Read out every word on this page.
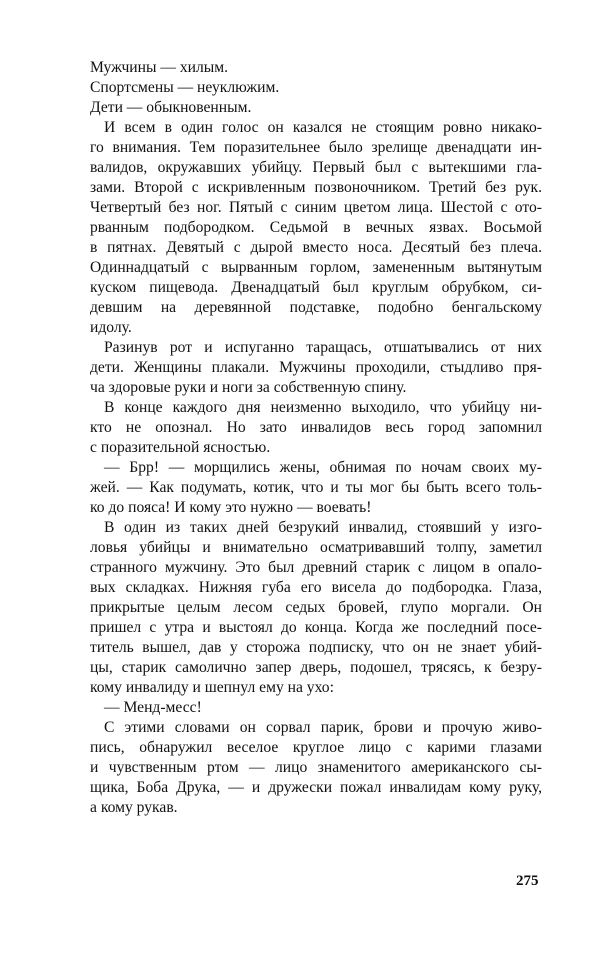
Мужчины — хилым.
Спортсмены — неуклюжим.
Дети — обыкновенным.
И всем в один голос он казался не стоящим ровно никако-
го внимания. Тем поразительнее было зрелище двенадцати ин-
валидов, окружавших убийцу. Первый был с вытекшими гла-
зами. Второй с искривленным позвоночником. Третий без рук.
Четвертый без ног. Пятый с синим цветом лица. Шестой с ото-
рванным подбородком. Седьмой в вечных язвах. Восьмой
в пятнах. Девятый с дырой вместо носа. Десятый без плеча.
Одиннадцатый с вырванным горлом, замененным вытянутым
куском пищевода. Двенадцатый был круглым обрубком, си-
девшим на деревянной подставке, подобно бенгальскому
идолу.
Разинув рот и испуганно таращась, отшатывались от них
дети. Женщины плакали. Мужчины проходили, стыдливо пря-
ча здоровые руки и ноги за собственную спину.
В конце каждого дня неизменно выходило, что убийцу ни-
кто не опознал. Но зато инвалидов весь город запомнил
с поразительной ясностью.
— Брр! — морщились жены, обнимая по ночам своих му-
жей. — Как подумать, котик, что и ты мог бы быть всего толь-
ко до пояса! И кому это нужно — воевать!
В один из таких дней безрукий инвалид, стоявший у изго-
ловья убийцы и внимательно осматривавший толпу, заметил
странного мужчину. Это был древний старик с лицом в опало-
вых складках. Нижняя губа его висела до подбородка. Глаза,
прикрытые целым лесом седых бровей, глупо моргали. Он
пришел с утра и выстоял до конца. Когда же последний посе-
титель вышел, дав у сторожа подписку, что он не знает убий-
цы, старик самолично запер дверь, подошел, трясясь, к безру-
кому инвалиду и шепнул ему на ухо:
— Менд-месс!
С этими словами он сорвал парик, брови и прочую живо-
пись, обнаружил веселое круглое лицо с карими глазами
и чувственным ртом — лицо знаменитого американского сы-
щика, Боба Друка, — и дружески пожал инвалидам кому руку,
а кому рукав.
275
